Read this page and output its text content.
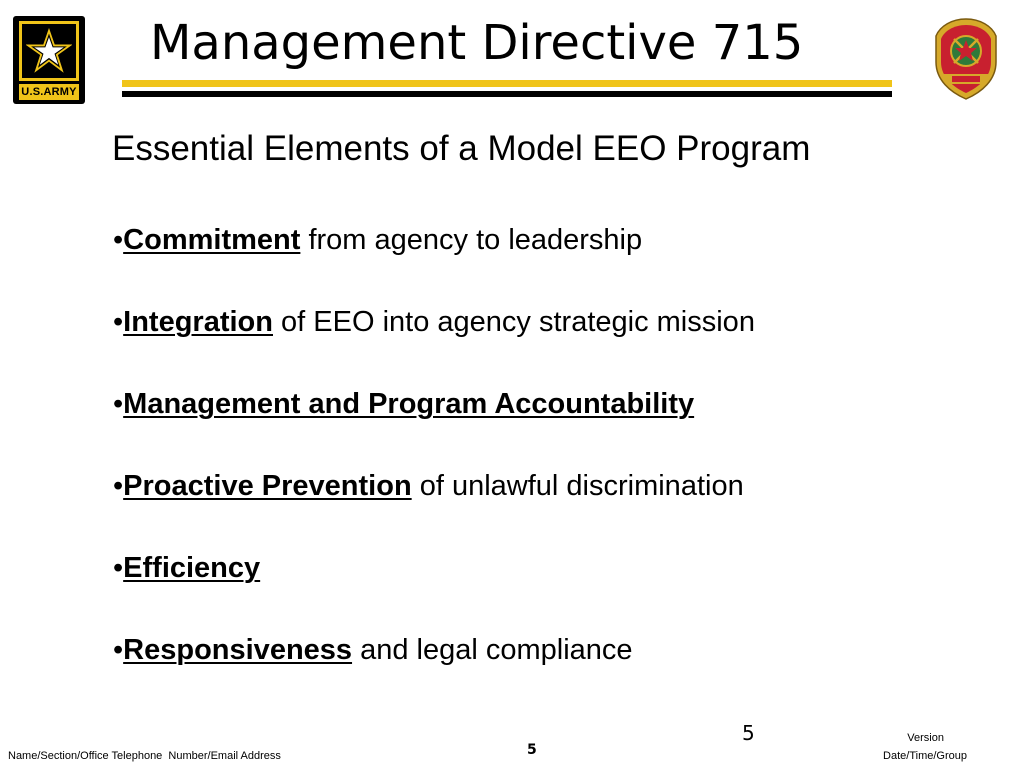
U.S.ARMY
Management Directive 715
Essential Elements of a Model EEO Program
•Commitment from agency to leadership
•Integration of EEO into agency strategic mission
•Management and Program Accountability
•Proactive Prevention of unlawful discrimination
•Efficiency
•Responsiveness and legal compliance
5
Name/Section/Office Telephone  Number/Email Address	5
Version
Date/Time/Group
